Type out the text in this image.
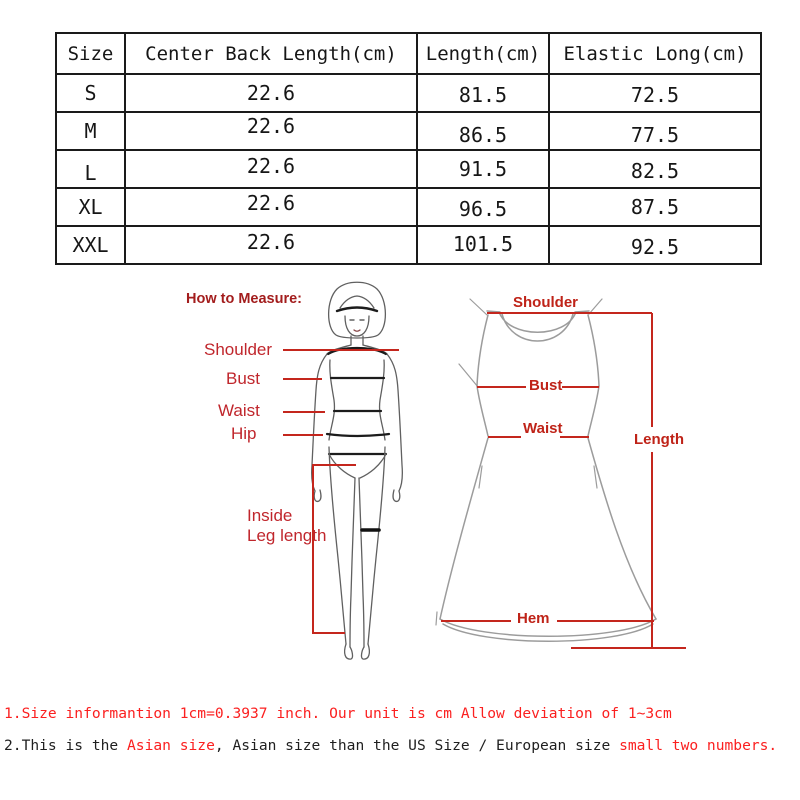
Size	Center Back Length(cm)	Length(cm)	Elastic Long(cm)
S	22.6	81.5	72.5
M	22.6	86.5	77.5
L	22.6	91.5	82.5
XL	22.6	96.5	87.5
XXL	22.6	101.5	92.5
How to Measure:
Shoulder
Bust
Waist
Hip
Inside
Leg length
Shoulder
Bust
Waist
Length
Hem
1.Size informantion 1cm=0.3937 inch. Our unit is cm Allow deviation of 1~3cm
2.This is the Asian size, Asian size than the US Size / European size small two numbers.
